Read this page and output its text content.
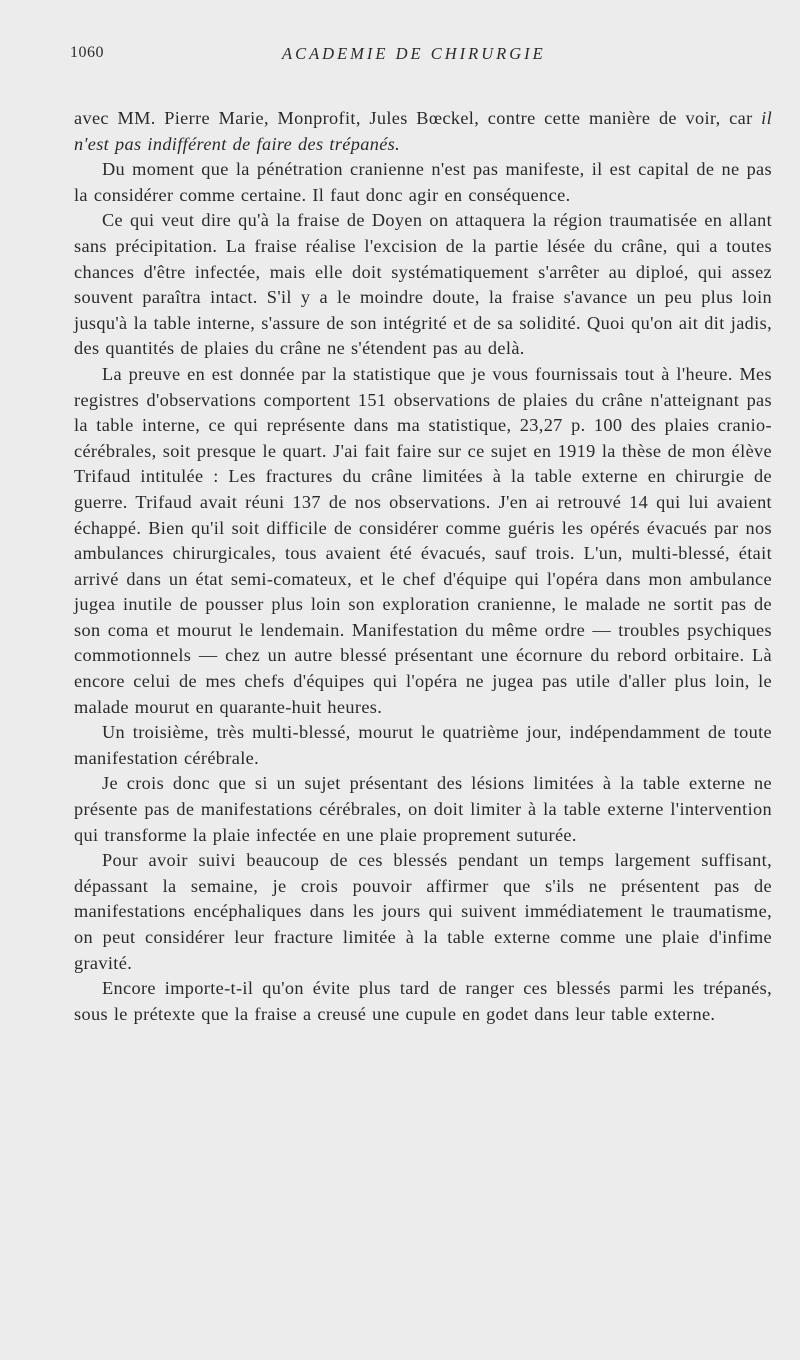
1060	ACADEMIE DE CHIRURGIE

avec MM. Pierre Marie, Monprofit, Jules Bœckel, contre cette manière de voir, car il n'est pas indifférent de faire des trépanés.

Du moment que la pénétration cranienne n'est pas manifeste, il est capital de ne pas la considérer comme certaine. Il faut donc agir en conséquence.

Ce qui veut dire qu'à la fraise de Doyen on attaquera la région traumatisée en allant sans précipitation. La fraise réalise l'excision de la partie lésée du crâne, qui a toutes chances d'être infectée, mais elle doit systématiquement s'arrêter au diploé, qui assez souvent paraîtra intact. S'il y a le moindre doute, la fraise s'avance un peu plus loin jusqu'à la table interne, s'assure de son intégrité et de sa solidité. Quoi qu'on ait dit jadis, des quantités de plaies du crâne ne s'étendent pas au delà.

La preuve en est donnée par la statistique que je vous fournissais tout à l'heure. Mes registres d'observations comportent 151 observations de plaies du crâne n'atteignant pas la table interne, ce qui représente dans ma statistique, 23,27 p. 100 des plaies cranio-cérébrales, soit presque le quart. J'ai fait faire sur ce sujet en 1919 la thèse de mon élève Trifaud intitulée : Les fractures du crâne limitées à la table externe en chirurgie de guerre. Trifaud avait réuni 137 de nos observations. J'en ai retrouvé 14 qui lui avaient échappé. Bien qu'il soit difficile de considérer comme guéris les opérés évacués par nos ambulances chirurgicales, tous avaient été évacués, sauf trois. L'un, multi-blessé, était arrivé dans un état semi-comateux, et le chef d'équipe qui l'opéra dans mon ambulance jugea inutile de pousser plus loin son exploration cranienne, le malade ne sortit pas de son coma et mourut le lendemain. Manifestation du même ordre — troubles psychiques commotionnels — chez un autre blessé présentant une écornure du rebord orbitaire. Là encore celui de mes chefs d'équipes qui l'opéra ne jugea pas utile d'aller plus loin, le malade mourut en quarante-huit heures.

Un troisième, très multi-blessé, mourut le quatrième jour, indépendamment de toute manifestation cérébrale.

Je crois donc que si un sujet présentant des lésions limitées à la table externe ne présente pas de manifestations cérébrales, on doit limiter à la table externe l'intervention qui transforme la plaie infectée en une plaie proprement suturée.

Pour avoir suivi beaucoup de ces blessés pendant un temps largement suffisant, dépassant la semaine, je crois pouvoir affirmer que s'ils ne présentent pas de manifestations encéphaliques dans les jours qui suivent immédiatement le traumatisme, on peut considérer leur fracture limitée à la table externe comme une plaie d'infime gravité.

Encore importe-t-il qu'on évite plus tard de ranger ces blessés parmi les trépanés, sous le prétexte que la fraise a creusé une cupule en godet dans leur table externe.
